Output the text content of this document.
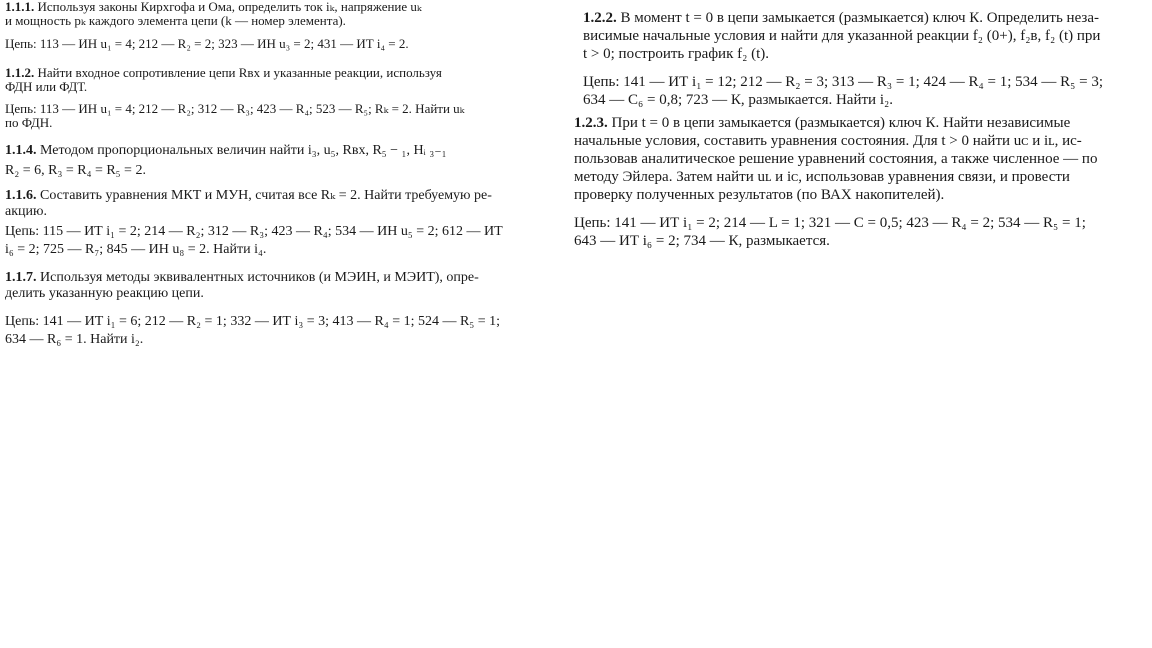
1.1.1. Используя законы Кирхгофа и Ома, определить ток iₖ, напряжение uₖ
и мощность pₖ каждого элемента цепи (k — номер элемента).
Цепь: 113 — ИН u₁ = 4; 212 — R₂ = 2; 323 — ИН u₃ = 2; 431 — ИТ i₄ = 2.
1.1.2. Найти входное сопротивление цепи Rвх и указанные реакции, используя
ФДН или ФДТ.
Цепь: 113 — ИН u₁ = 4; 212 — R₂; 312 — R₃; 423 — R₄; 523 — R₅; Rₖ = 2. Найти uₖ
по ФДН.
1.1.4. Методом пропорциональных величин найти i₃, u₅, Rвх, R₅ − ₁, Hᵢ ₃₋₁
R₂ = 6, R₃ = R₄ = R₅ = 2.
1.1.6. Составить уравнения МКТ и МУН, считая все Rₖ = 2. Найти требуемую ре-
акцию.
Цепь: 115 — ИТ i₁ = 2; 214 — R₂; 312 — R₃; 423 — R₄; 534 — ИН u₅ = 2; 612 — ИТ
i₆ = 2; 725 — R₇; 845 — ИН u₈ = 2. Найти i₄.
1.1.7. Используя методы эквивалентных источников (и МЭИН, и МЭИТ), опре-
делить указанную реакцию цепи.
Цепь: 141 — ИТ i₁ = 6; 212 — R₂ = 1; 332 — ИТ i₃ = 3; 413 — R₄ = 1; 524 — R₅ = 1;
634 — R₆ = 1. Найти i₂.
1.2.2. В момент t = 0 в цепи замыкается (размыкается) ключ К. Определить неза-
висимые начальные условия и найти для указанной реакции f₂ (0+), f₂в, f₂ (t) при
t > 0; построить график f₂ (t).
Цепь: 141 — ИТ i₁ = 12; 212 — R₂ = 3; 313 — R₃ = 1; 424 — R₄ = 1; 534 — R₅ = 3;
634 — C₆ = 0,8; 723 — К, размыкается. Найти i₂.
1.2.3. При t = 0 в цепи замыкается (размыкается) ключ К. Найти независимые
начальные условия, составить уравнения состояния. Для t > 0 найти uᴄ и iʟ, ис-
пользовав аналитическое решение уравнений состояния, а также численное — по
методу Эйлера. Затем найти uʟ и iᴄ, использовав уравнения связи, и провести
проверку полученных результатов (по ВАХ накопителей).
Цепь: 141 — ИТ i₁ = 2; 214 — L = 1; 321 — C = 0,5; 423 — R₄ = 2; 534 — R₅ = 1;
643 — ИТ i₆ = 2; 734 — К, размыкается.
